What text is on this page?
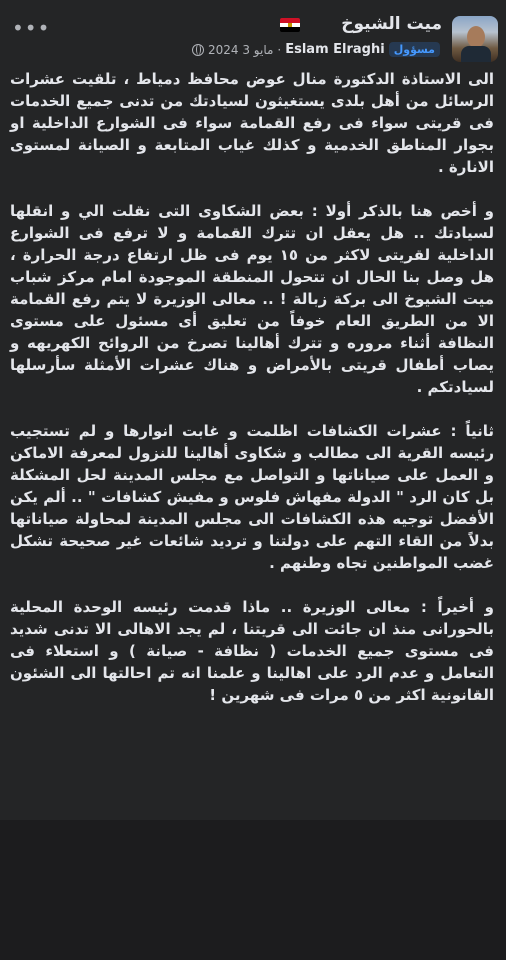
•••	ميت الشيوخ
مايو 3 2024 · Eslam Elraghi مسؤول

الى الاستاذة الدكتورة منال عوض محافظ دمياط ، تلقيت عشرات الرسائل من أهل بلدى يستغيثون لسيادتك من تدنى جميع الخدمات فى قريتى سواء فى رفع القمامة سواء فى الشوارع الداخلية او بجوار المناطق الخدمية و كذلك غياب المتابعة و الصيانة لمستوى الانارة .

و أخص هنا بالذكر أولا : بعض الشكاوى التى نقلت الي و انقلها لسيادتك .. هل يعقل ان تترك القمامة و لا ترفع فى الشوارع الداخلية لقريتى لاكثر من ١٥ يوم فى ظل ارتفاع درجة الحرارة ، هل وصل بنا الحال ان تتحول المنطقة الموجودة امام مركز شباب ميت الشيوخ الى بركة زبالة ! .. معالى الوزيرة لا يتم رفع القمامة الا من الطريق العام خوفاً من تعليق أى مسئول على مستوى النظافة أثناء مروره و تترك أهالينا تصرخ من الروائح الكهريهه و يصاب أطفال قريتى بالأمراض و هناك عشرات الأمثلة سأرسلها لسيادتكم .

ثانياً : عشرات الكشافات اظلمت و غابت انوارها و لم تستجيب رئيسه القرية الى مطالب و شكاوى أهالينا للنزول لمعرفة الاماكن و العمل على صياناتها و التواصل مع مجلس المدينة لحل المشكلة بل كان الرد " الدولة مفهاش فلوس و مفيش كشافات " .. ألم يكن الأفضل توجيه هذه الكشافات الى مجلس المدينة لمحاولة صياناتها بدلاً من القاء التهم على دولتنا و ترديد شائعات غير صحيحة تشكل غضب المواطنين تجاه وطنهم .

و أخيراً : معالى الوزيرة .. ماذا قدمت رئيسه الوحدة المحلية بالحورانى منذ ان جائت الى قريتنا ، لم يجد الاهالى الا تدنى شديد فى مستوى جميع الخدمات ( نظافة - صيانة ) و استعلاء فى التعامل و عدم الرد على اهالينا و علمنا انه تم احالتها الى الشئون القانونية اكثر من ٥ مرات فى شهرين !
